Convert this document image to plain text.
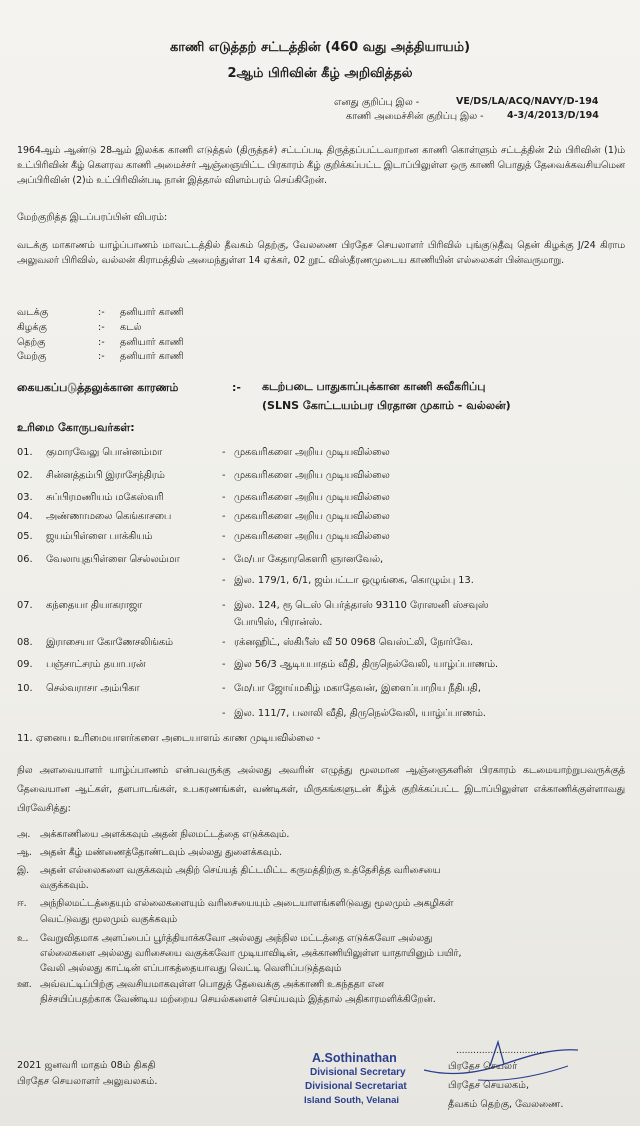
காணி எடுத்தற் சட்டத்தின் (460 வது அத்தியாயம்)
2ஆம் பிரிவின் கீழ் அறிவித்தல்
எனது குறிப்பு இல -	VE/DS/LA/ACQ/NAVY/D-194
காணி அமைச்சின் குறிப்பு இல - 4-3/4/2013/D/194
1964ஆம் ஆண்டு 28ஆம் இலக்க காணி எடுத்தல் (திருத்தச்) சட்டப்படி திருத்தப்பட்டவாறான காணி கொள்ளும் சட்டத்தின் 2ம் பிரிவின் (1)ம் உட்பிரிவின் கீழ் கௌரவ காணி அமைச்சர் ஆஞ்ஞையிட்ட பிரகாரம் கீழ் குறிக்கப்பட்ட இடாப்பிலுள்ள ஒரு காணி பொதுத் தேவைக்கவசியமென அப்பிரிவின் (2)ம் உட்பிரிவின்படி நான் இத்தால் விளம்பரம் செய்கிறேன்.
மேற்குறித்த இடப்பரப்பின் விபரம்:
வடக்கு மாகாணம் யாழ்ப்பாணம் மாவட்டத்தில் தீவகம் தெற்கு, வேலணை பிரதேச செயலாளர் பிரிவில் புங்குடுதீவு தென் கிழக்கு J/24 கிராம அலுவலர் பிரிவில், வல்லன் கிராமத்தில் அமைந்துள்ள 14 ஏக்கர், 02 றூட் விஸ்தீரணமுடைய காணியின் எல்லைகள் பின்வருமாறு.
வடக்கு	:- தனியார் காணி
கிழக்கு	:- கடல்
தெற்கு	:- தனியார் காணி
மேற்கு	:- தனியார் காணி
கையகப்படுத்தலுக்கான காரணம்	:- கடற்படை பாதுகாப்புக்கான காணி சுவீகரிப்பு
(SLNS கோட்டயம்பர பிரதான முகாம் - வல்லன்)
உரிமை கோருபவர்கள்:
01. குமாரவேலு பொன்னம்மா	- முகவரிகளை அறிய முடியவில்லை
02. சின்னத்தம்பி இராசேந்திரம்	- முகவரிகளை அறிய முடியவில்லை
03. சுப்பிரமணியம் மகேஸ்வரி	- முகவரிகளை அறிய முடியவில்லை
04. அண்ணாமலை கெங்காசபை	- முகவரிகளை அறிய முடியவில்லை
05. ஜயம்பிள்ளை பாக்கியம்	- முகவரிகளை அறிய முடியவில்லை
06. வேலாயுதபிள்ளை செல்லம்மா	- மே/பா கேதாரகௌரி ஞானவேல்,
- இல. 179/1, 6/1, ஜம்பட்டா ஒழுங்கை, கொழும்பு 13.
07. கந்தையா தியாகராஜா	- இல. 124, ரூ டெஸ் பெர்த்தாஸ் 93110 ரோஸனி ஸ்சவுஸ்
போயிஸ், பிரான்ஸ்.
08. இராசையா கோணேசலிங்கம்	- ரக்னஹிட், ஸ்கிபீஸ் வீ 50 0968 வெஸ்ட்லி, நோர்வே.
09. பஞ்சாட்சரம் தயாபரன்	- இல 56/3 ஆடியபாதம் வீதி, திருநெல்வேலி, யாழ்ப்பாணம்.
10. செல்வராசா அம்பிகா	- மே/பா ஜோய்மகிழ் மகாதேவன், இளைப்பாறிய நீதிபதி,
- இல. 111/7, பலாலி வீதி, திருநெல்வேலி, யாழ்ப்பாணம்.
11. ஏனைய உரிமையாளர்களை அடையாளம் காண முடியவில்லை -
நில அளவையாளர் யாழ்ப்பாணம் என்பவருக்கு அல்லது அவரின் எழுத்து மூலமான ஆஞ்ஞைகளின் பிரகாரம் கடமையாற்றுபவருக்குத் தேவையான ஆட்கள், தளபாடங்கள், உபகரணங்கள், வண்டிகள், மிருகங்களுடன் கீழ்க் குறிக்கப்பட்ட இடாப்பிலுள்ள எக்காணிக்குள்ளாவது பிரவேசித்து:
அ. அக்காணியை அளக்கவும் அதன் நிலமட்டத்தை எடுக்கவும்.
ஆ. அதன் கீழ் மண்ணைத்தோண்டவும் அல்லது துளைக்கவும்.
இ. அதன் எல்லைகளை வகுக்கவும் அதிற் செய்யத் திட்டமிட்ட கருமத்திற்கு உத்தேசித்த வரிசையை
வகுக்கவும்.
ஈ. அந்நிலமட்டத்தையும் எல்லைகளையும் வரிசையையும் அடையாளங்களிடுவது மூலமும் அகழிகள்
வெட்டுவது மூலமும் வகுக்கவும்
உ. வேறுவிதமாக அளப்பைப் பூர்த்தியாக்கவோ அல்லது அந்நில மட்டத்தை எடுக்கவோ அல்லது
எல்லைகளை அல்லது வரிசையை வகுக்கவோ முடியாவிடின், அக்காணியிலுள்ள யாதாயினும் பயிர்,
வேலி அல்லது காட்டின் எப்பாகத்தையாவது வெட்டி வெளிப்படுத்தவும்
ஊ. அவ்வட்டிப்பிற்கு அவசியமாகவுள்ள பொதுத் தேவைக்கு அக்காணி உகந்ததா என
நிச்சயிப்பதற்காக வேண்டிய மற்றைய செயல்களைச் செய்யவும் இத்தால் அதிகாரமளிக்கிறேன்.
2021 ஜனவரி மாதம் 08ம் திகதி
பிரதேச செயலாளர் அலுவலகம்.
A.Sothinathan
Divisional Secretary
Divisional Secretariat
Island South, Velanai
...............................
பிரதேச செயலர்
பிரதேச செயலகம்,
தீவகம் தெற்கு, வேலணை.
